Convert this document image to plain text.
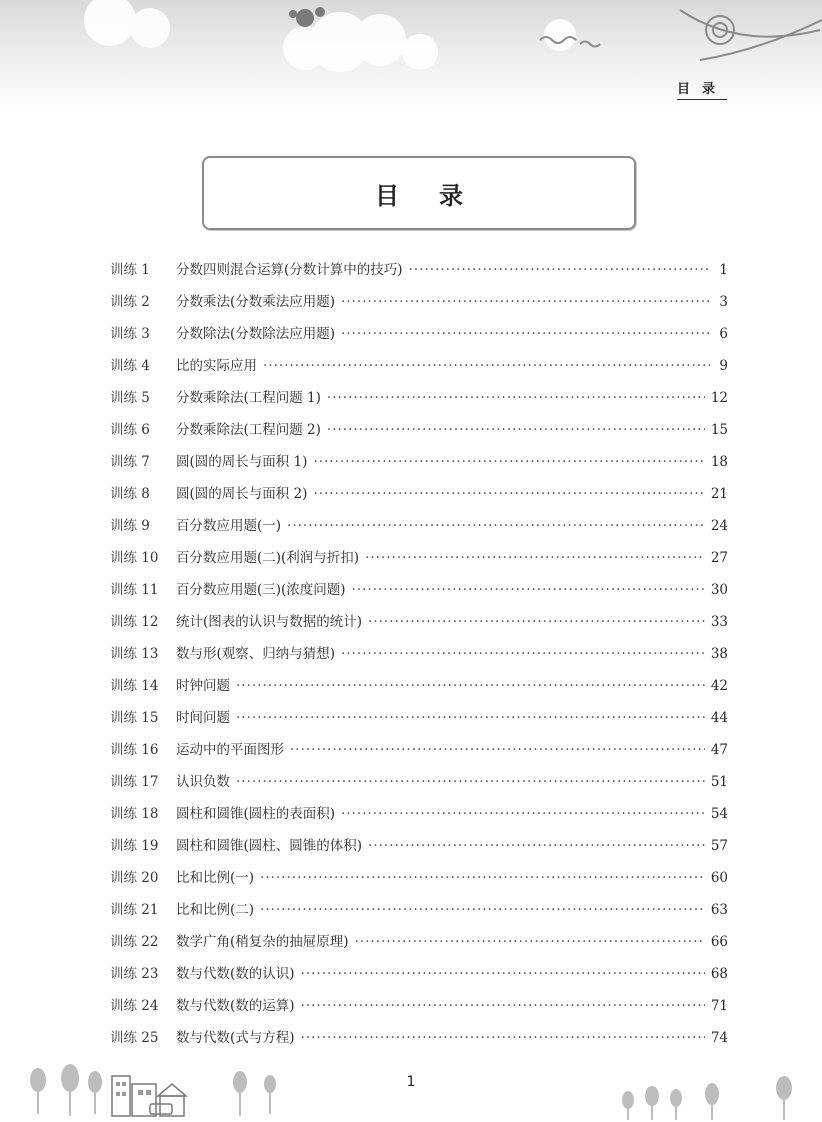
目录
目录
训练 1	分数四则混合运算(分数计算中的技巧) ·····	1
训练 2	分数乘法(分数乘法应用题) ·····	3
训练 3	分数除法(分数除法应用题) ·····	6
训练 4	比的实际应用 ·····	9
训练 5	分数乘除法(工程问题 1) ·····	12
训练 6	分数乘除法(工程问题 2) ·····	15
训练 7	圆(圆的周长与面积 1) ·····	18
训练 8	圆(圆的周长与面积 2) ·····	21
训练 9	百分数应用题(一) ·····	24
训练 10	百分数应用题(二)(利润与折扣) ·····	27
训练 11	百分数应用题(三)(浓度问题) ·····	30
训练 12	统计(图表的认识与数据的统计) ·····	33
训练 13	数与形(观察、归纳与猜想) ·····	38
训练 14	时钟问题 ·····	42
训练 15	时间问题 ·····	44
训练 16	运动中的平面图形 ·····	47
训练 17	认识负数 ·····	51
训练 18	圆柱和圆锥(圆柱的表面积) ·····	54
训练 19	圆柱和圆锥(圆柱、圆锥的体积) ·····	57
训练 20	比和比例(一) ·····	60
训练 21	比和比例(二) ·····	63
训练 22	数学广角(稍复杂的抽屉原理) ·····	66
训练 23	数与代数(数的认识) ·····	68
训练 24	数与代数(数的运算) ·····	71
训练 25	数与代数(式与方程) ·····	74
1
